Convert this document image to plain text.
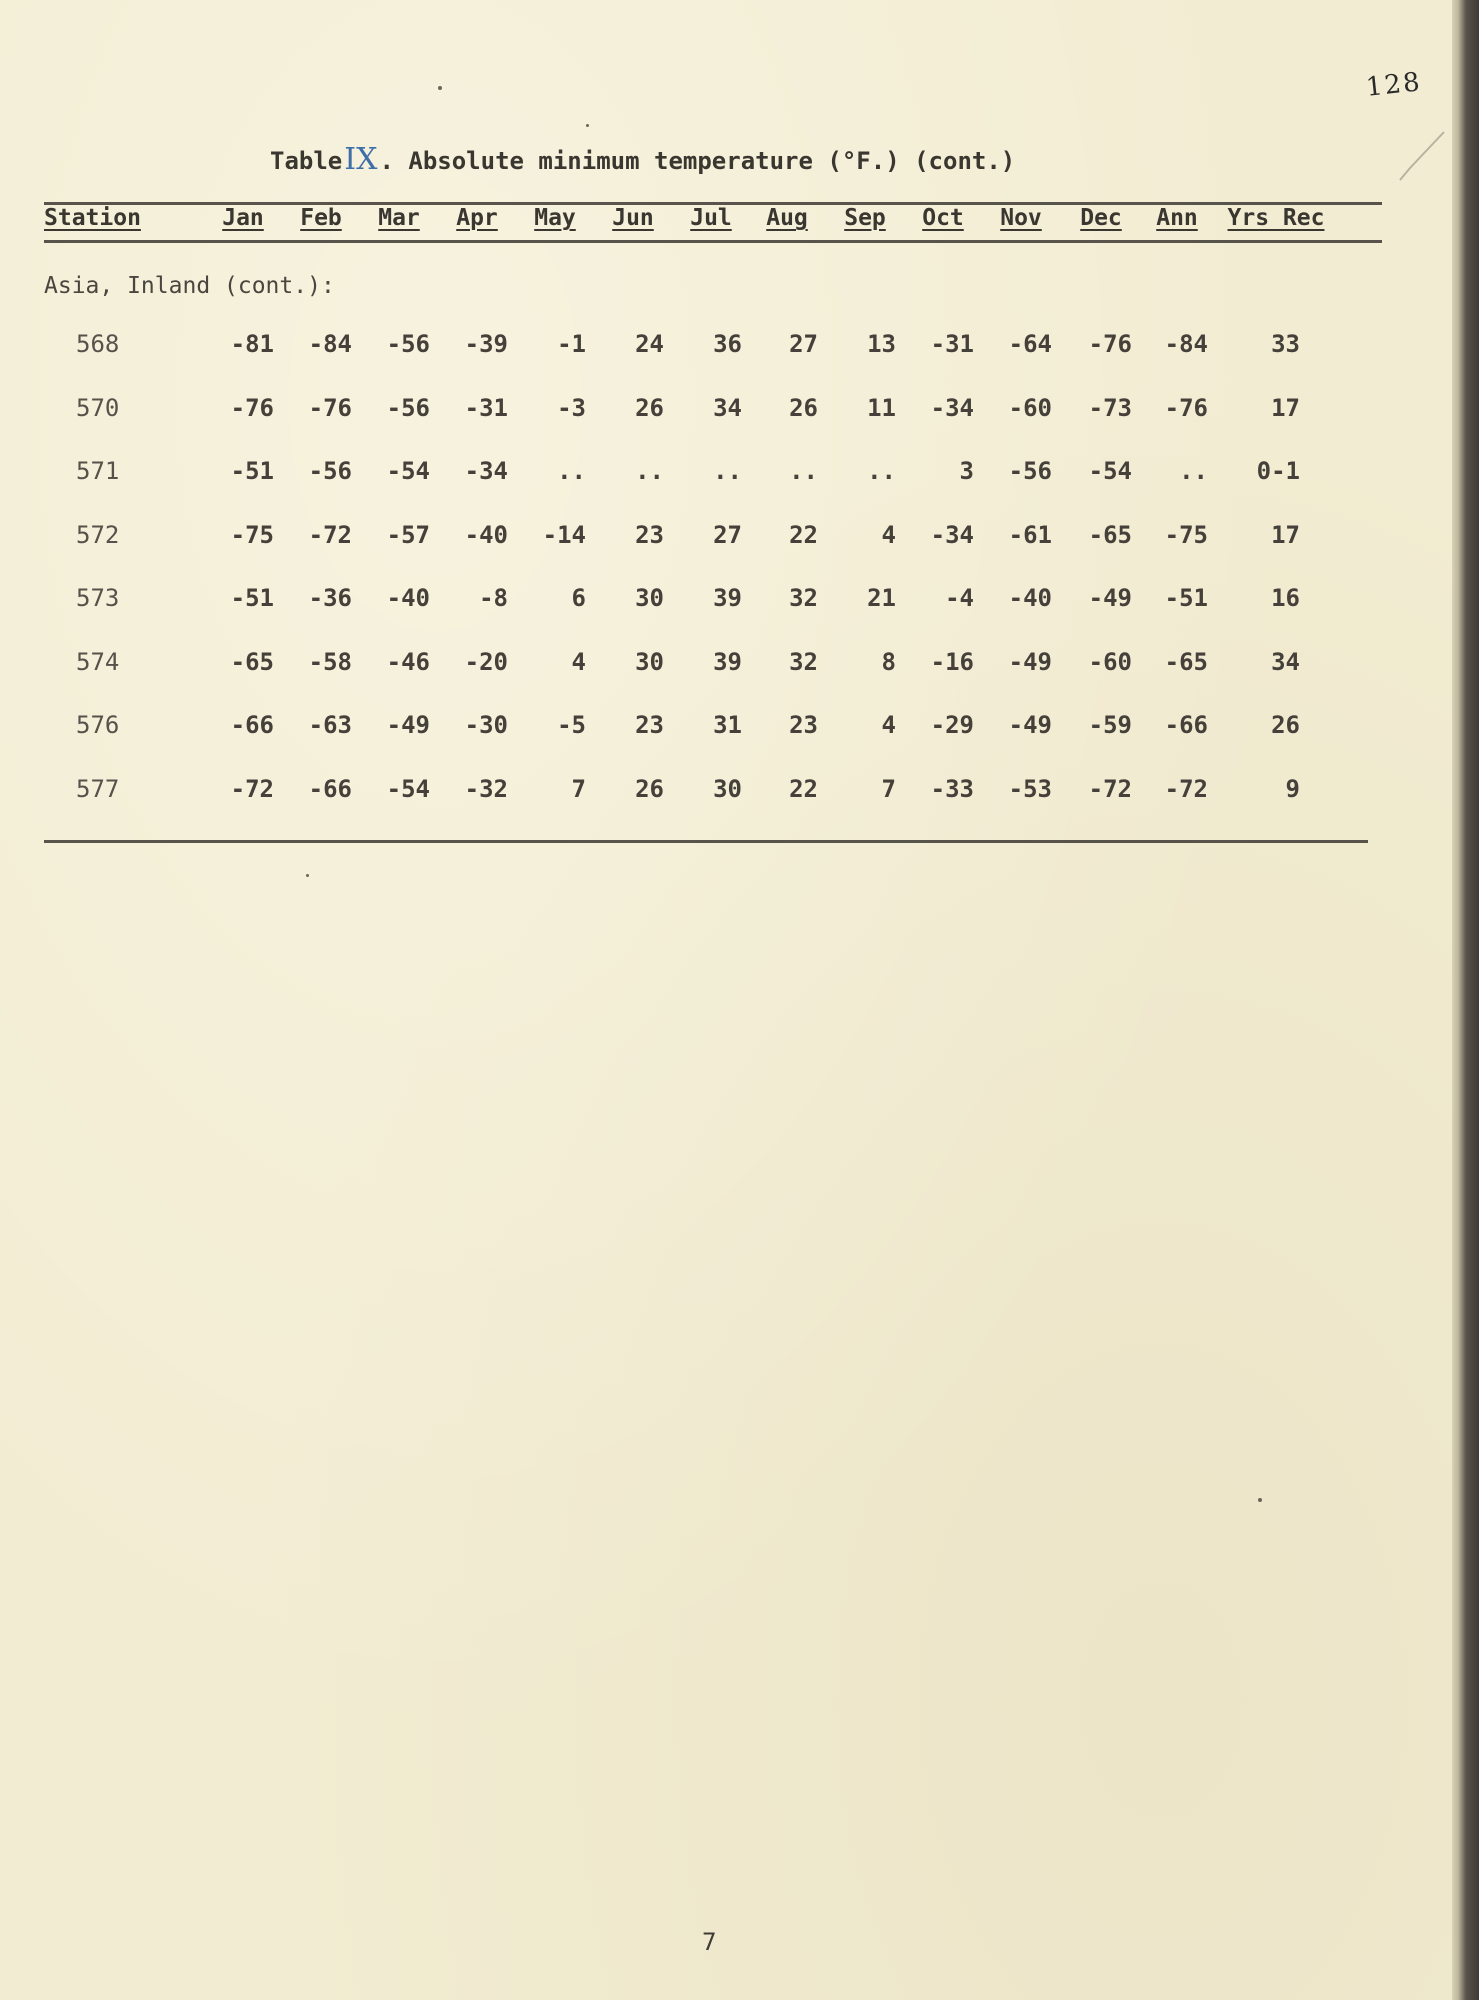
128
TableIX. Absolute minimum temperature (°F.) (cont.)
Station	Jan	Feb	Mar	Apr	May	Jun	Jul	Aug	Sep	Oct	Nov	Dec	Ann	Yrs Rec
Asia, Inland (cont.):
568	-81	-84	-56	-39	-1	24	36	27	13	-31	-64	-76	-84	33
570	-76	-76	-56	-31	-3	26	34	26	11	-34	-60	-73	-76	17
571	-51	-56	-54	-34	..	..	..	..	..	3	-56	-54	..	0-1
572	-75	-72	-57	-40	-14	23	27	22	4	-34	-61	-65	-75	17
573	-51	-36	-40	-8	6	30	39	32	21	-4	-40	-49	-51	16
574	-65	-58	-46	-20	4	30	39	32	8	-16	-49	-60	-65	34
576	-66	-63	-49	-30	-5	23	31	23	4	-29	-49	-59	-66	26
577	-72	-66	-54	-32	7	26	30	22	7	-33	-53	-72	-72	9
7
